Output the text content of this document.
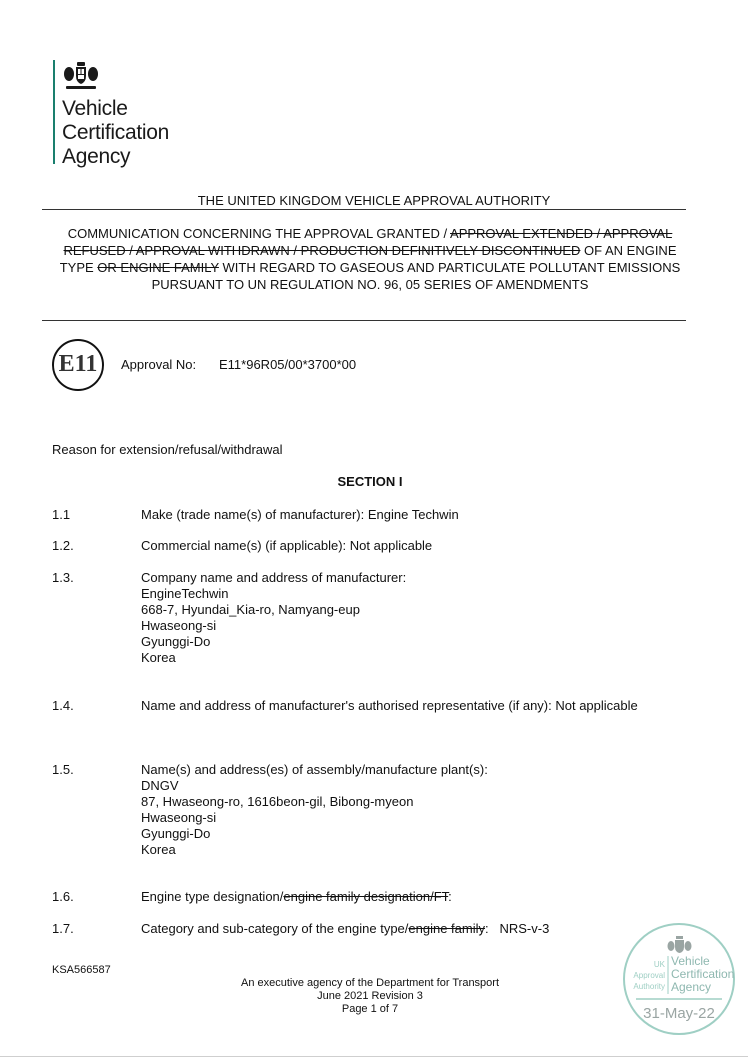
Vehicle
Certification
Agency
THE UNITED KINGDOM VEHICLE APPROVAL AUTHORITY
COMMUNICATION CONCERNING THE APPROVAL GRANTED / APPROVAL EXTENDED / APPROVAL REFUSED / APPROVAL WITHDRAWN / PRODUCTION DEFINITIVELY DISCONTINUED OF AN ENGINE TYPE OR ENGINE FAMILY WITH REGARD TO GASEOUS AND PARTICULATE POLLUTANT EMISSIONS PURSUANT TO UN REGULATION NO. 96, 05 SERIES OF AMENDMENTS
E11	Approval No: E11*96R05/00*3700*00
Reason for extension/refusal/withdrawal
SECTION I
1.1	Make (trade name(s) of manufacturer): Engine Techwin
1.2.	Commercial name(s) (if applicable): Not applicable
1.3.	Company name and address of manufacturer:
EngineTechwin
668-7, Hyundai_Kia-ro, Namyang-eup
Hwaseong-si
Gyunggi-Do
Korea
1.4.	Name and address of manufacturer's authorised representative (if any): Not applicable
1.5.	Name(s) and address(es) of assembly/manufacture plant(s):
DNGV
87, Hwaseong-ro, 1616beon-gil, Bibong-myeon
Hwaseong-si
Gyunggi-Do
Korea
1.6.	Engine type designation/engine family designation/FT:
1.7.	Category and sub-category of the engine type/engine family:   NRS-v-3
KSA566587
An executive agency of the Department for Transport
June 2021 Revision 3
Page 1 of 7
UK
Approval
Authority
Vehicle
Certification
Agency
31-May-22
